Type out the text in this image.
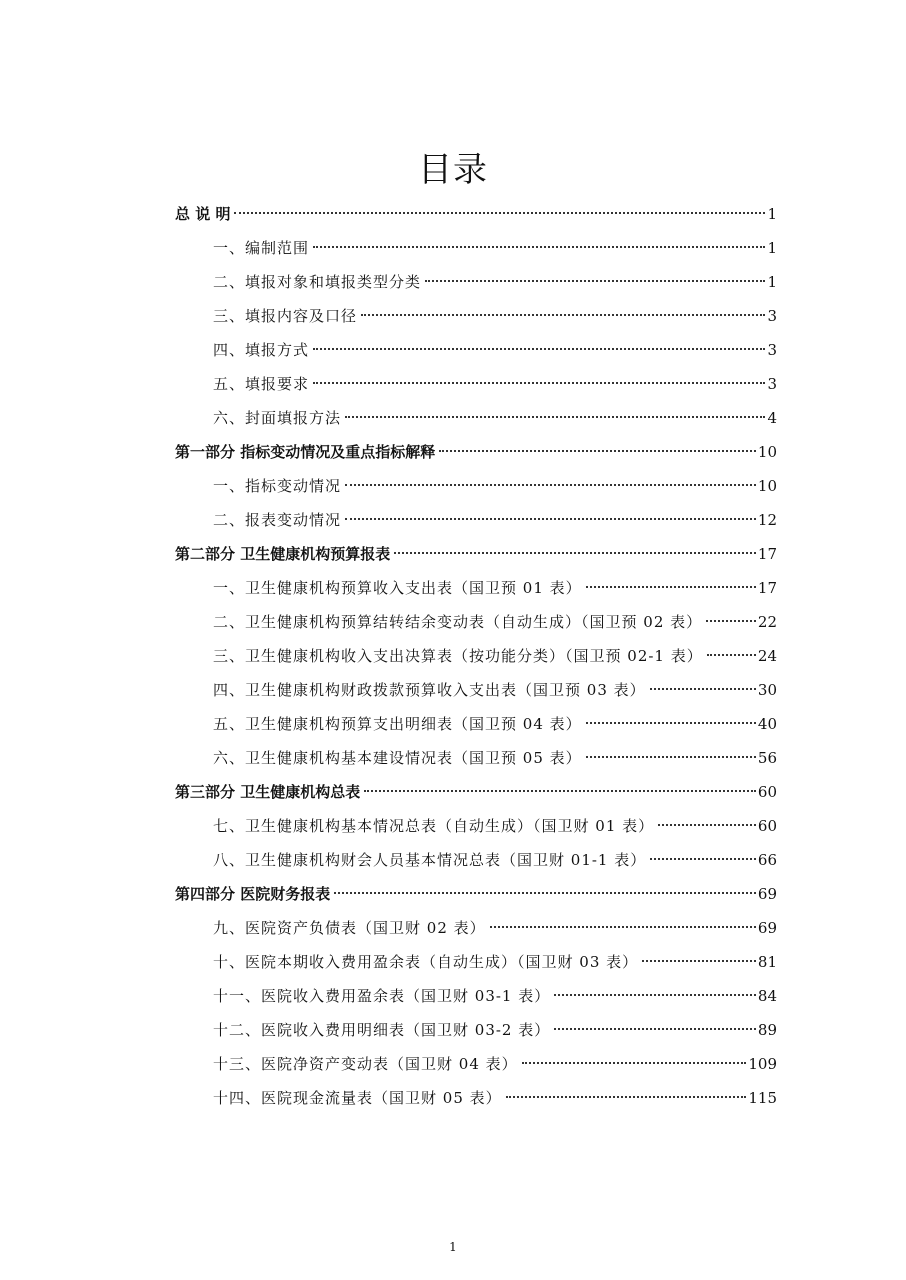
目录
总 说 明	1
一、编制范围	1
二、填报对象和填报类型分类	1
三、填报内容及口径	3
四、填报方式	3
五、填报要求	3
六、封面填报方法	4
第一部分 指标变动情况及重点指标解释	10
一、指标变动情况	10
二、报表变动情况	12
第二部分 卫生健康机构预算报表	17
一、卫生健康机构预算收入支出表（国卫预 01 表）	17
二、卫生健康机构预算结转结余变动表（自动生成）（国卫预 02 表）	22
三、卫生健康机构收入支出决算表（按功能分类）（国卫预 02-1 表）	24
四、卫生健康机构财政拨款预算收入支出表（国卫预 03 表）	30
五、卫生健康机构预算支出明细表（国卫预 04 表）	40
六、卫生健康机构基本建设情况表（国卫预 05 表）	56
第三部分 卫生健康机构总表	60
七、卫生健康机构基本情况总表（自动生成）（国卫财 01 表）	60
八、卫生健康机构财会人员基本情况总表（国卫财 01-1 表）	66
第四部分 医院财务报表	69
九、医院资产负债表（国卫财 02 表）	69
十、医院本期收入费用盈余表（自动生成）（国卫财 03 表）	81
十一、医院收入费用盈余表（国卫财 03-1 表）	84
十二、医院收入费用明细表（国卫财 03-2 表）	89
十三、医院净资产变动表（国卫财 04 表）	109
十四、医院现金流量表（国卫财 05 表）	115
1
